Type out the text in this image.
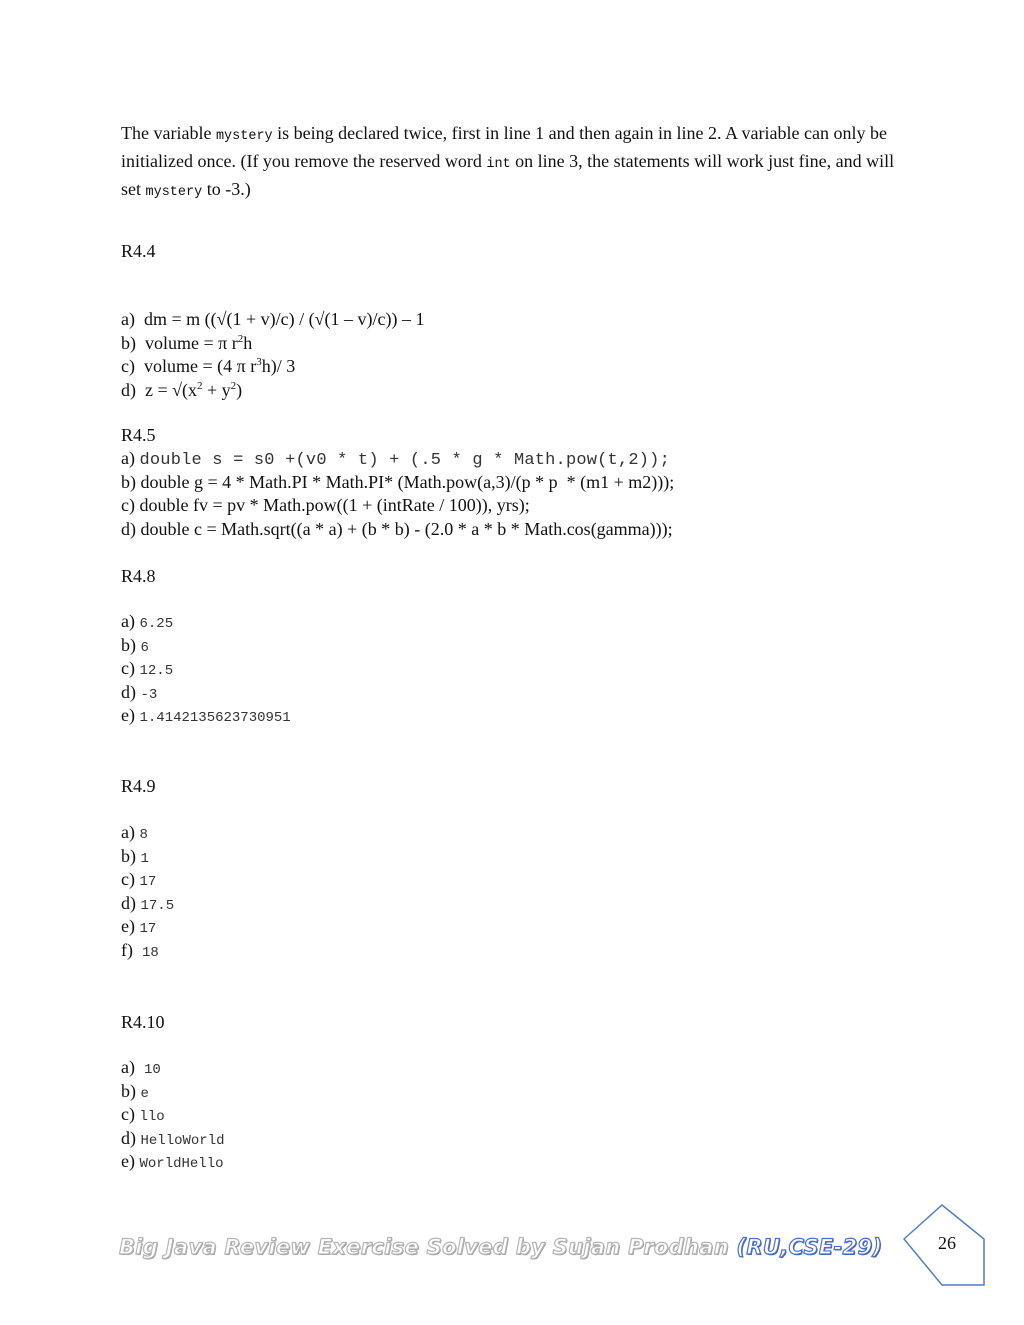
The variable mystery is being declared twice, first in line 1 and then again in line 2. A variable can only be initialized once. (If you remove the reserved word int on line 3, the statements will work just fine, and will set mystery to -3.)
R4.4
a)  dm = m ((√(1 + v)/c) / (√(1 – v)/c)) – 1
b)  volume = π $r^2h$
c)  volume = (4 π $r^3h)/$ 3
d)  $z = √(x^2 + y^2)$
R4.5
a) double s = s0 +(v0 * t) + (.5 * g * Math.pow(t,2));
b) double g = 4 * Math.PI * Math.PI* (Math.pow(a,3)/(p * p  * (m1 + m2)));
c) double fv = pv * Math.pow((1 + (intRate / 100)), yrs);
d) double c = Math.sqrt((a * a) + (b * b) - (2.0 * a * b * Math.cos(gamma)));
R4.8
a) 6.25
b) 6
c) 12.5
d) -3
e) 1.4142135623730951
R4.9
a) 8
b) 1
c) 17
d) 17.5
e) 17
f)  18
R4.10
a)  10
b) e
c) llo
d) HelloWorld
e) WorldHello
Big Java Review Exercise Solved by Sujan Prodhan (RU,CSE-29)	26
